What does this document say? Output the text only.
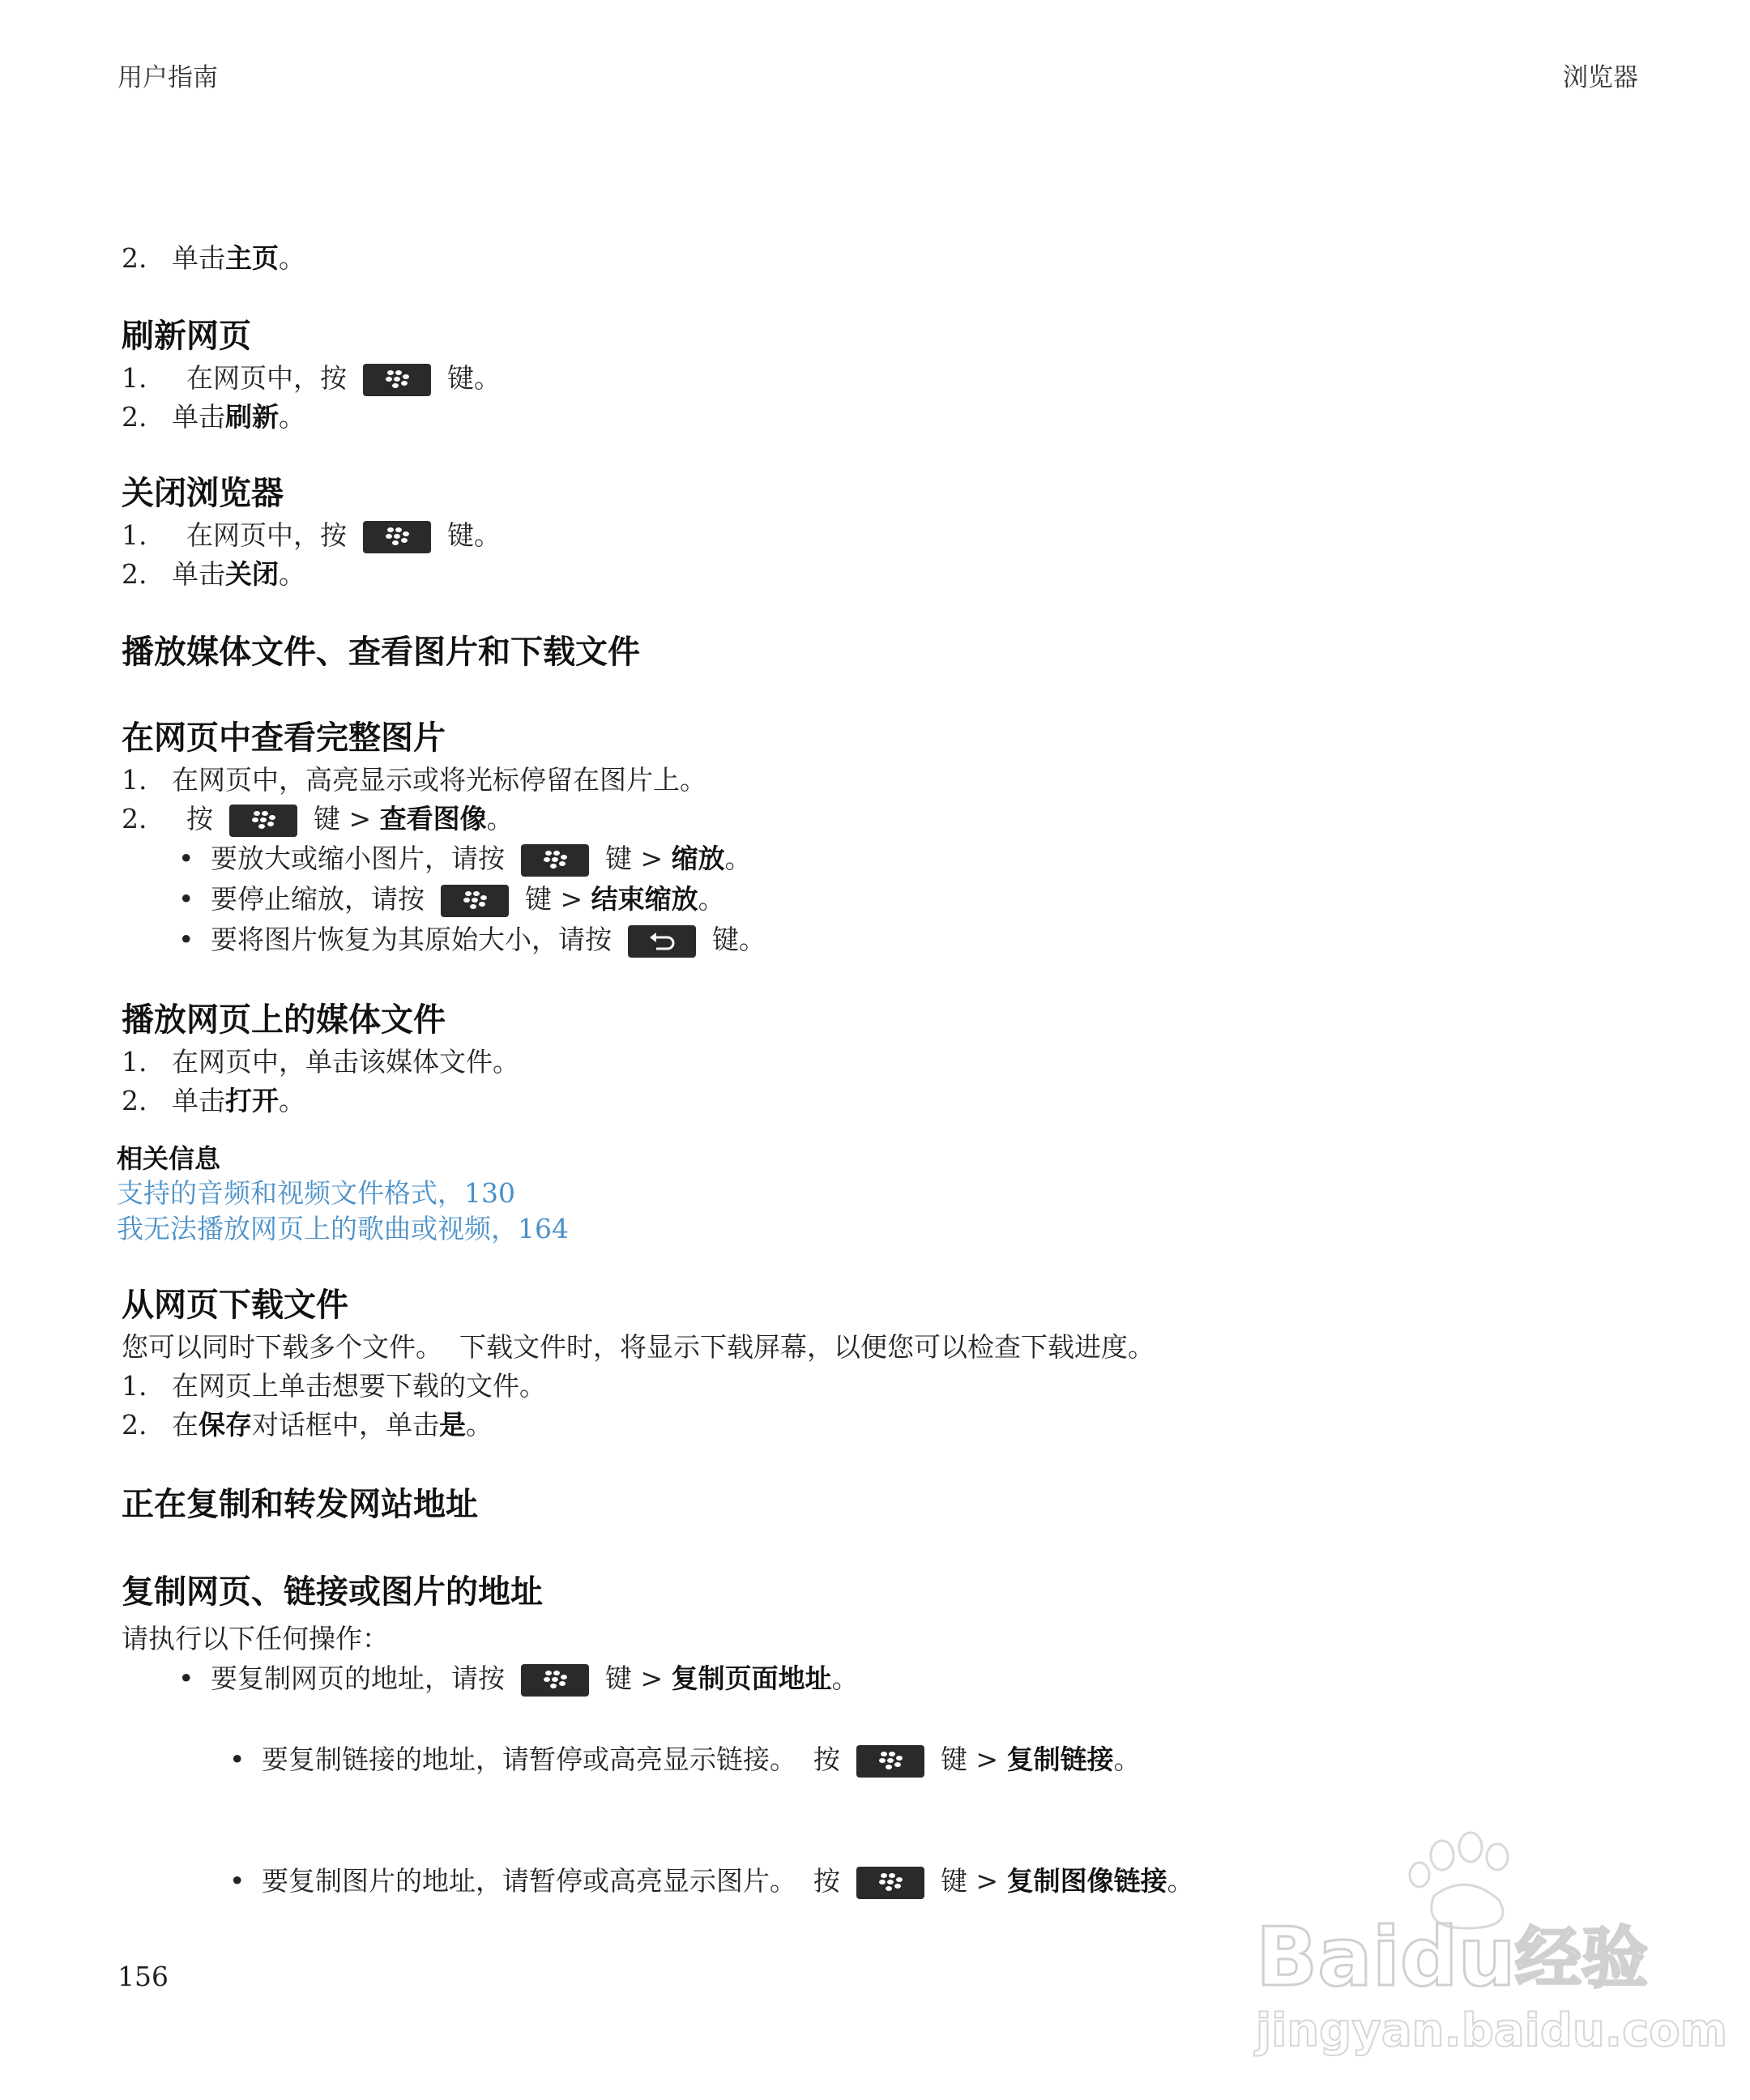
用户指南	浏览器
2. 单击主页。
刷新网页
1. 在网页中，按	键。
2. 单击刷新。
关闭浏览器
1. 在网页中，按	键。
2. 单击关闭。
播放媒体文件、查看图片和下载文件
在网页中查看完整图片
1. 在网页中，高亮显示或将光标停留在图片上。
2. 按	键 > 查看图像。
• 要放大或缩小图片，请按	键 > 缩放。
• 要停止缩放，请按	键 > 结束缩放。
• 要将图片恢复为其原始大小，请按	键。
播放网页上的媒体文件
1. 在网页中，单击该媒体文件。
2. 单击打开。
相关信息
支持的音频和视频文件格式，130
我无法播放网页上的歌曲或视频，164
从网页下载文件
您可以同时下载多个文件。  下载文件时，将显示下载屏幕，以便您可以检查下载进度。
1. 在网页上单击想要下载的文件。
2. 在保存对话框中，单击是。
正在复制和转发网站地址
复制网页、链接或图片的地址
请执行以下任何操作：
• 要复制网页的地址，请按	键 > 复制页面地址。

• 要复制链接的地址，请暂停或高亮显示链接。  按	键 > 复制链接。

• 要复制图片的地址，请暂停或高亮显示图片。  按	键 > 复制图像链接。

156	Baidu 经验
jingyan.baidu.com
